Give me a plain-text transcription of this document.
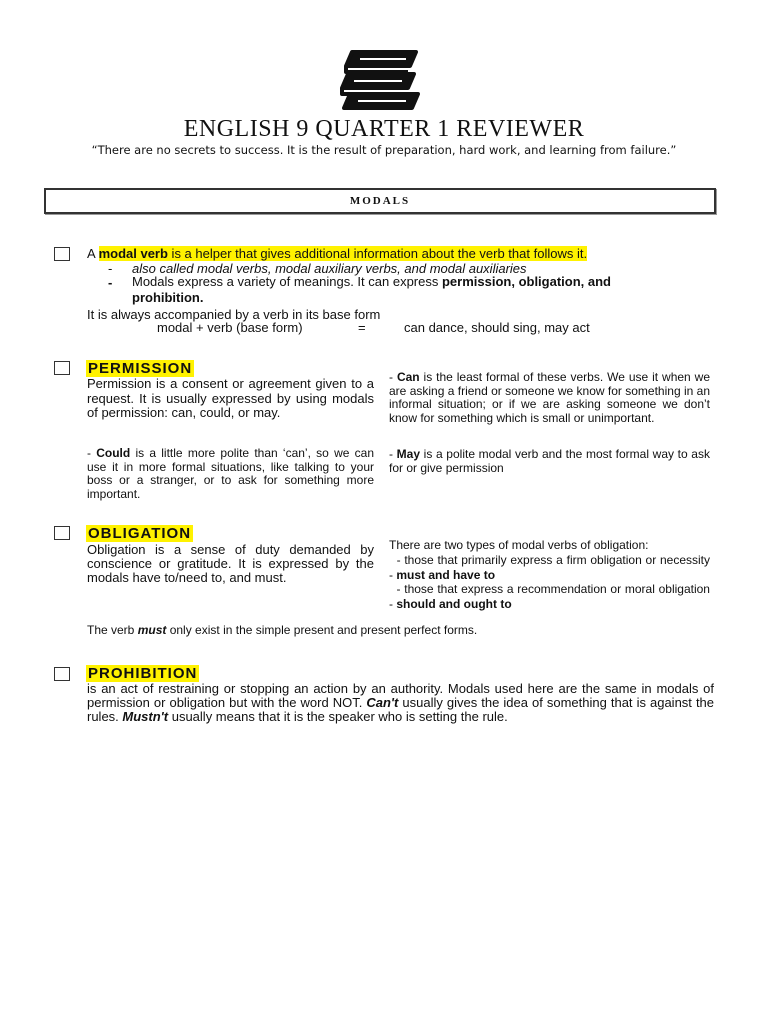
ENGLISH 9 QUARTER 1 REVIEWER
“There are no secrets to success. It is the result of preparation, hard work, and learning from failure.”
MODALS
A modal verb is a helper that gives additional information about the verb that follows it.
- also called modal verbs, modal auxiliary verbs, and modal auxiliaries
- Modals express a variety of meanings. It can express permission, obligation, and
prohibition.
It is always accompanied by a verb in its base form
modal + verb (base form)	=	can dance, should sing, may act
PERMISSION
Permission is a consent or agreement given to a request. It is usually expressed by using modals of permission: can, could, or may.
- Could is a little more polite than ‘can’, so we can use it in more formal situations, like talking to your boss or a stranger, or to ask for something more important.
- Can is the least formal of these verbs. We use it when we are asking a friend or someone we know for something in an informal situation; or if we are asking someone we don’t know for something which is small or unimportant.
- May is a polite modal verb and the most formal way to ask for or give permission
OBLIGATION
Obligation is a sense of duty demanded by conscience or gratitude. It is expressed by the modals have to/need to, and must.
There are two types of modal verbs of obligation:
- those that primarily express a firm obligation or necessity - must and have to
- those that express a recommendation or moral obligation - should and ought to
The verb must only exist in the simple present and present perfect forms.
PROHIBITION
is an act of restraining or stopping an action by an authority. Modals used here are the same in modals of permission or obligation but with the word NOT. Can't usually gives the idea of something that is against the rules. Mustn't usually means that it is the speaker who is setting the rule.
